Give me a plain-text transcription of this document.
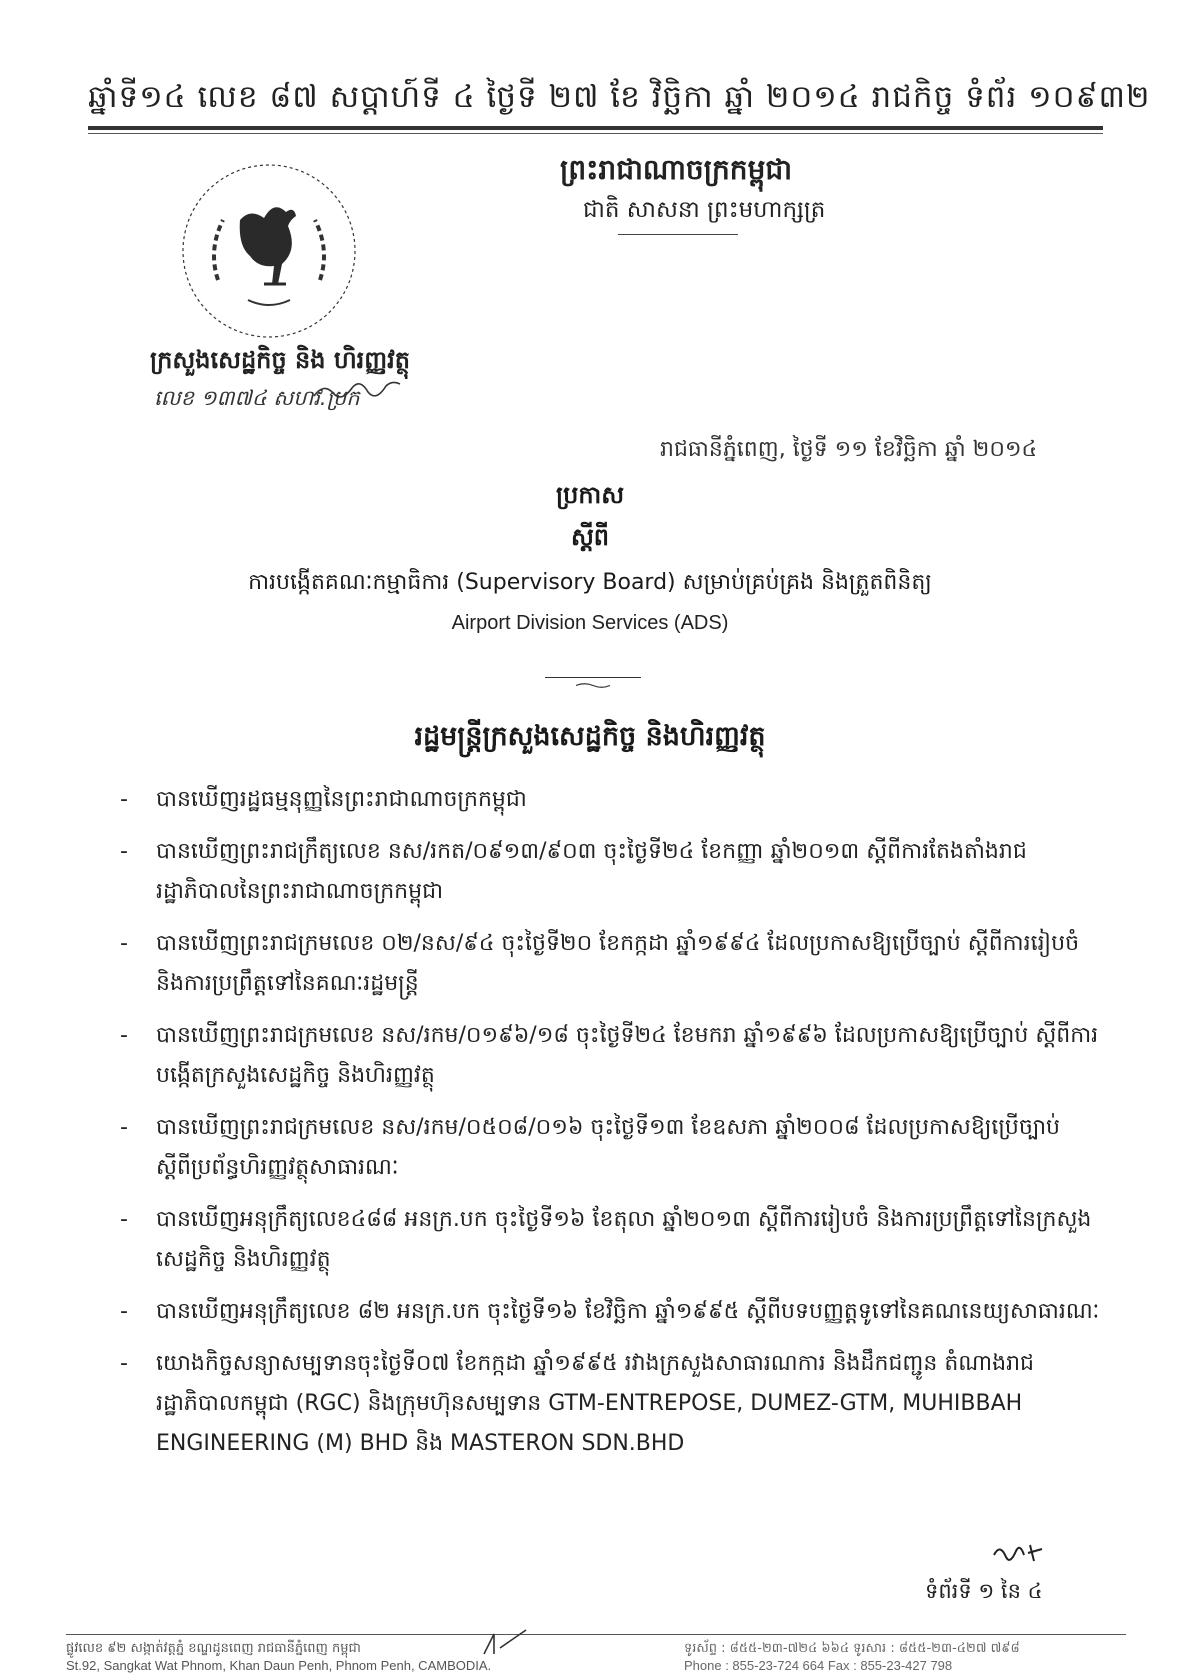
ឆ្នាំទី១៤ លេខ ៨៧ សប្តាហ៍ទី ៤ ថ្ងៃទី ២៧ ខែ វិច្ឆិកា ឆ្នាំ ២០១៤ រាជកិច្ច ទំព័រ ១០៩៣២
ព្រះរាជាណាចក្រកម្ពុជា
ជាតិ សាសនា ព្រះមហាក្សត្រ
ក្រសួងសេដ្ឋកិច្ច និង ហិរញ្ញវត្ថុ
លេខ ១៣៧៤ សហវ.ប្រក
រាជធានីភ្នំពេញ, ថ្ងៃទី ១១ ខែវិច្ឆិកា ឆ្នាំ ២០១៤
ប្រកាស
ស្តីពី
ការបង្កើតគណៈកម្មាធិការ (Supervisory Board) សម្រាប់គ្រប់គ្រង និងត្រួតពិនិត្យ
Airport Division Services (ADS)
រដ្ឋមន្ត្រីក្រសួងសេដ្ឋកិច្ច និងហិរញ្ញវត្ថុ
-	បានឃើញរដ្ឋធម្មនុញ្ញនៃព្រះរាជាណាចក្រកម្ពុជា
-	បានឃើញព្រះរាជក្រឹត្យលេខ នស/រកត/០៩១៣/៩០៣ ចុះថ្ងៃទី២៤ ខែកញ្ញា ឆ្នាំ២០១៣ ស្តីពីការតែងតាំងរាជរដ្ឋាភិបាលនៃព្រះរាជាណាចក្រកម្ពុជា
-	បានឃើញព្រះរាជក្រមលេខ ០២/នស/៩៤ ចុះថ្ងៃទី២០ ខែកក្កដា ឆ្នាំ១៩៩៤ ដែលប្រកាសឱ្យប្រើច្បាប់ ស្តីពីការរៀបចំ និងការប្រព្រឹត្តទៅនៃគណៈរដ្ឋមន្ត្រី
-	បានឃើញព្រះរាជក្រមលេខ នស/រកម/០១៩៦/១៨ ចុះថ្ងៃទី២៤ ខែមករា ឆ្នាំ១៩៩៦ ដែលប្រកាសឱ្យប្រើច្បាប់ ស្តីពីការបង្កើតក្រសួងសេដ្ឋកិច្ច និងហិរញ្ញវត្ថុ
-	បានឃើញព្រះរាជក្រមលេខ នស/រកម/០៥០៨/០១៦ ចុះថ្ងៃទី១៣ ខែឧសភា ឆ្នាំ២០០៨ ដែលប្រកាសឱ្យប្រើច្បាប់ ស្តីពីប្រព័ន្ធហិរញ្ញវត្ថុសាធារណៈ
-	បានឃើញអនុក្រឹត្យលេខ៤៨៨ អនក្រ.បក ចុះថ្ងៃទី១៦ ខែតុលា ឆ្នាំ២០១៣ ស្តីពីការរៀបចំ និងការប្រព្រឹត្តទៅនៃក្រសួងសេដ្ឋកិច្ច និងហិរញ្ញវត្ថុ
-	បានឃើញអនុក្រឹត្យលេខ ៨២ អនក្រ.បក ចុះថ្ងៃទី១៦ ខែវិច្ឆិកា ឆ្នាំ១៩៩៥ ស្តីពីបទបញ្ញត្តទូទៅនៃគណនេយ្យសាធារណៈ
-	យោងកិច្ចសន្យាសម្បទានចុះថ្ងៃទី០៧ ខែកក្កដា ឆ្នាំ១៩៩៥ រវាងក្រសួងសាធារណការ និងដឹកជញ្ជូន តំណាងរាជរដ្ឋាភិបាលកម្ពុជា (RGC) និងក្រុមហ៊ុនសម្បទាន GTM-ENTREPOSE, DUMEZ-GTM, MUHIBBAH ENGINEERING (M) BHD និង MASTERON SDN.BHD
ទំព័រទី ១ នៃ ៤
ផ្លូវលេខ ៩២ សង្កាត់វត្តភ្នំ ខណ្ឌដូនពេញ រាជធានីភ្នំពេញ កម្ពុជា
St.92, Sangkat Wat Phnom, Khan Daun Penh, Phnom Penh, CAMBODIA.
ទូរស័ព្ទ : ៨៥៥-២៣-៧២៤ ៦៦៤ ទូរសារ : ៨៥៥-២៣-៤២៧ ៧៩៨
Phone : 855-23-724 664 Fax : 855-23-427 798
